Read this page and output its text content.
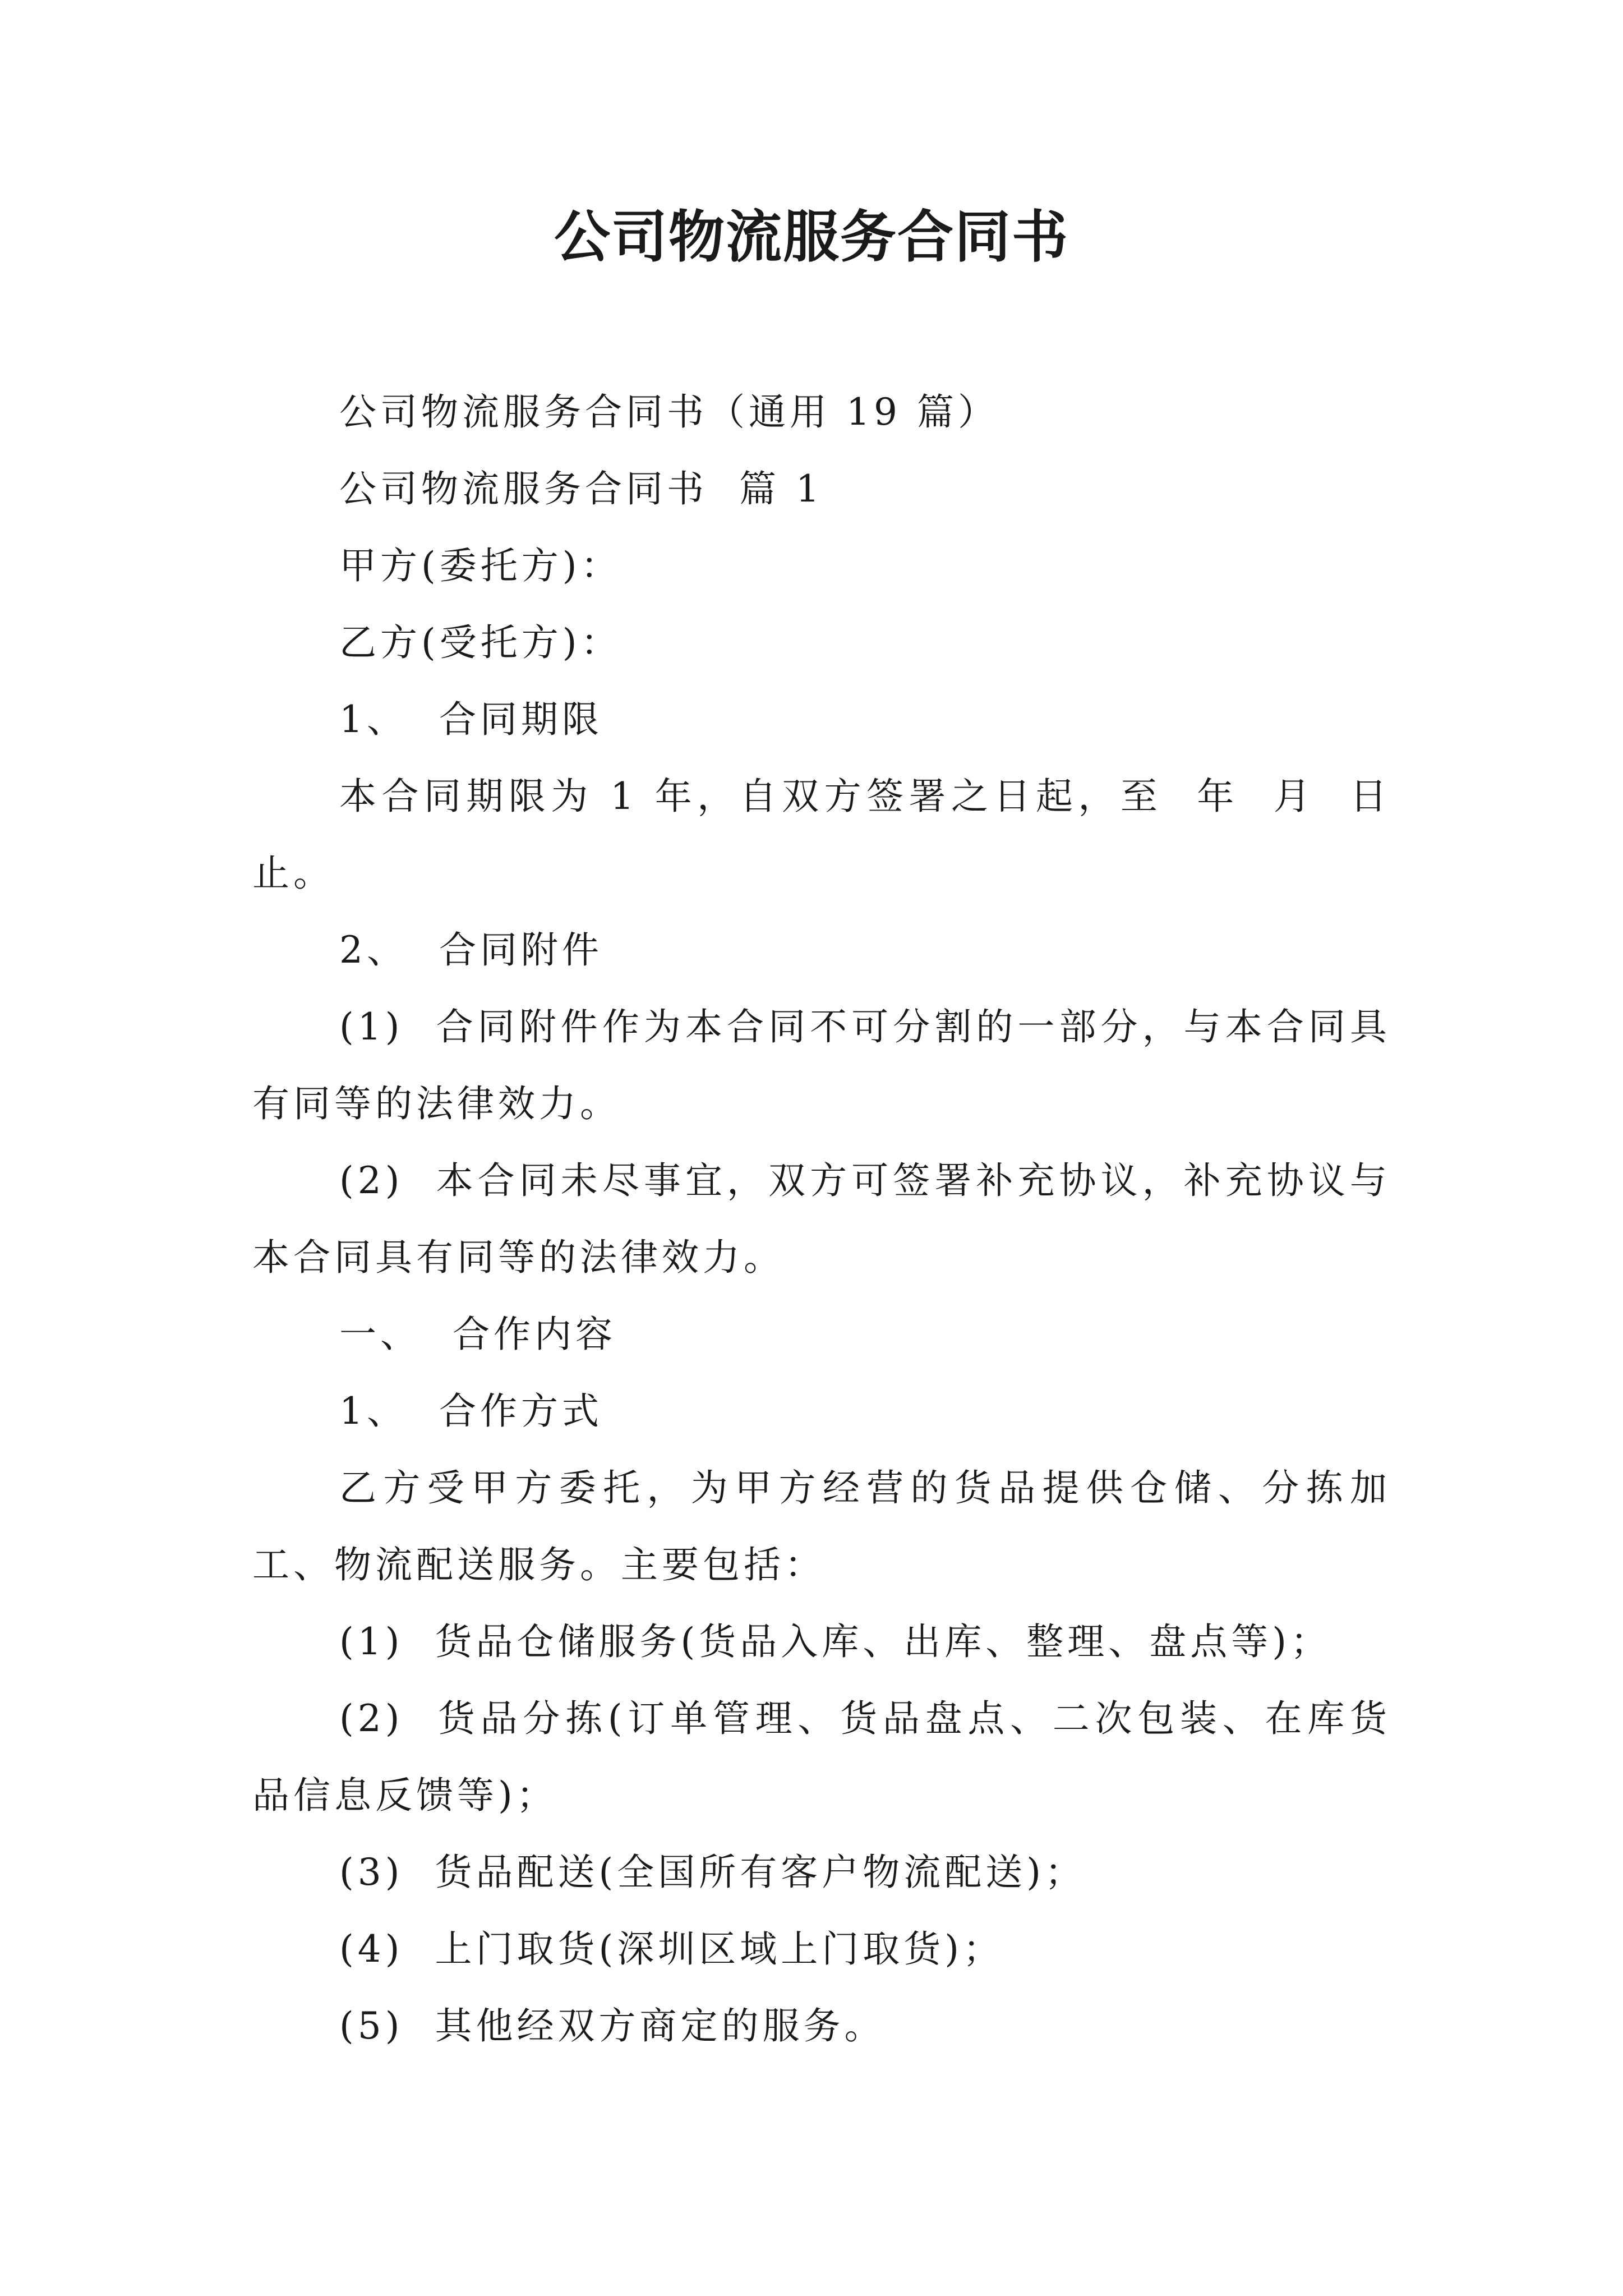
公司物流服务合同书

公司物流服务合同书（通用 19 篇）

公司物流服务合同书  篇 1

甲方(委托方)：

乙方(受托方)：

1、  合同期限

本合同期限为 1 年，自双方签署之日起，至  年  月  日止。

2、  合同附件

(1)  合同附件作为本合同不可分割的一部分，与本合同具有同等的法律效力。

(2)  本合同未尽事宜，双方可签署补充协议，补充协议与本合同具有同等的法律效力。

一、  合作内容

1、  合作方式

乙方受甲方委托，为甲方经营的货品提供仓储、分拣加工、物流配送服务。主要包括：

(1)  货品仓储服务(货品入库、出库、整理、盘点等)；

(2)  货品分拣(订单管理、货品盘点、二次包装、在库货品信息反馈等)；

(3)  货品配送(全国所有客户物流配送)；

(4)  上门取货(深圳区域上门取货)；

(5)  其他经双方商定的服务。
